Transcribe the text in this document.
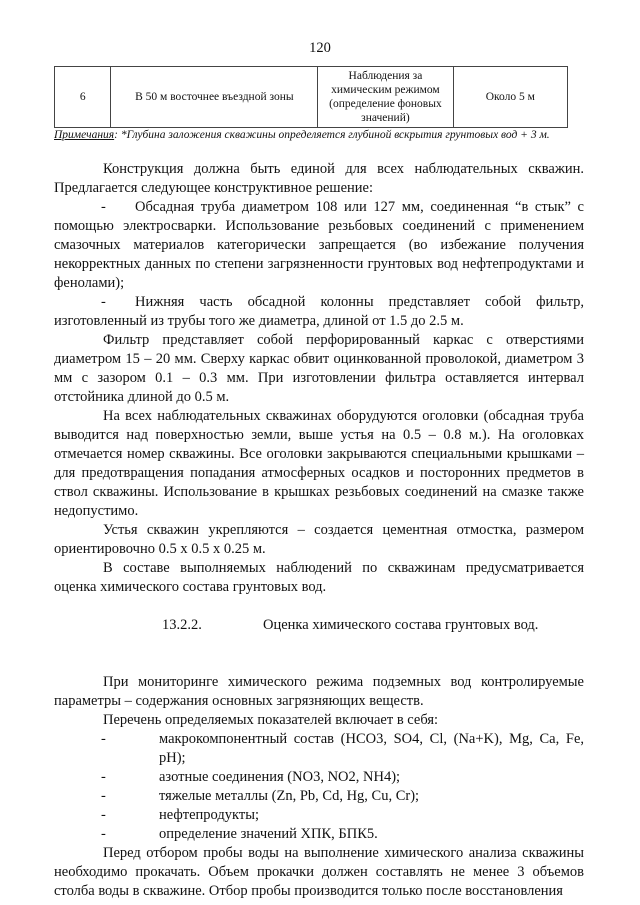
120
6	В 50 м восточнее въездной зоны	Наблюдения за химическим режимом (определение фоновых значений)	Около 5 м
Примечания: *Глубина заложения скважины определяется глубиной вскрытия грунтовых вод + 3 м.

Конструкция должна быть единой для всех наблюдательных скважин. Предлагается следующее конструктивное решение:

- Обсадная труба диаметром 108 или 127 мм, соединенная “в стык” с помощью электросварки. Использование резьбовых соединений с применением смазочных материалов категорически запрещается (во избежание получения некорректных данных по степени загрязненности грунтовых вод нефтепродуктами и фенолами);

- Нижняя часть обсадной колонны представляет собой фильтр, изготовленный из трубы того же диаметра, длиной от 1.5 до 2.5 м.

Фильтр представляет собой перфорированный каркас с отверстиями диаметром 15 – 20 мм. Сверху каркас обвит оцинкованной проволокой, диаметром 3 мм с зазором 0.1 – 0.3 мм. При изготовлении фильтра оставляется интервал отстойника длиной до 0.5 м.

На всех наблюдательных скважинах оборудуются оголовки (обсадная труба выводится над поверхностью земли, выше устья на 0.5 – 0.8 м.). На оголовках отмечается номер скважины. Все оголовки закрываются специальными крышками – для предотвращения попадания атмосферных осадков и посторонних предметов в ствол скважины. Использование в крышках резьбовых соединений на смазке также недопустимо.

Устья скважин укрепляются – создается цементная отмостка, размером ориентировочно 0.5 х 0.5 х 0.25 м.

В составе выполняемых наблюдений по скважинам предусматривается оценка химического состава грунтовых вод.

13.2.2.	Оценка химического состава грунтовых вод.

При мониторинге химического режима подземных вод контролируемые параметры – содержания основных загрязняющих веществ.

Перечень определяемых показателей включает в себя:

-	макрокомпонентный состав (HCO3, SO4, Cl, (Na+K), Mg, Ca, Fe, pH);
-	азотные соединения (NO3, NO2, NH4);
-	тяжелые металлы (Zn, Pb, Cd, Hg, Cu, Cr);
-	нефтепродукты;
-	определение значений ХПК, БПК5.

Перед отбором пробы воды на выполнение химического анализа скважины необходимо прокачать. Объем прокачки должен составлять не менее 3 объемов столба воды в скважине. Отбор пробы производится только после восстановления
